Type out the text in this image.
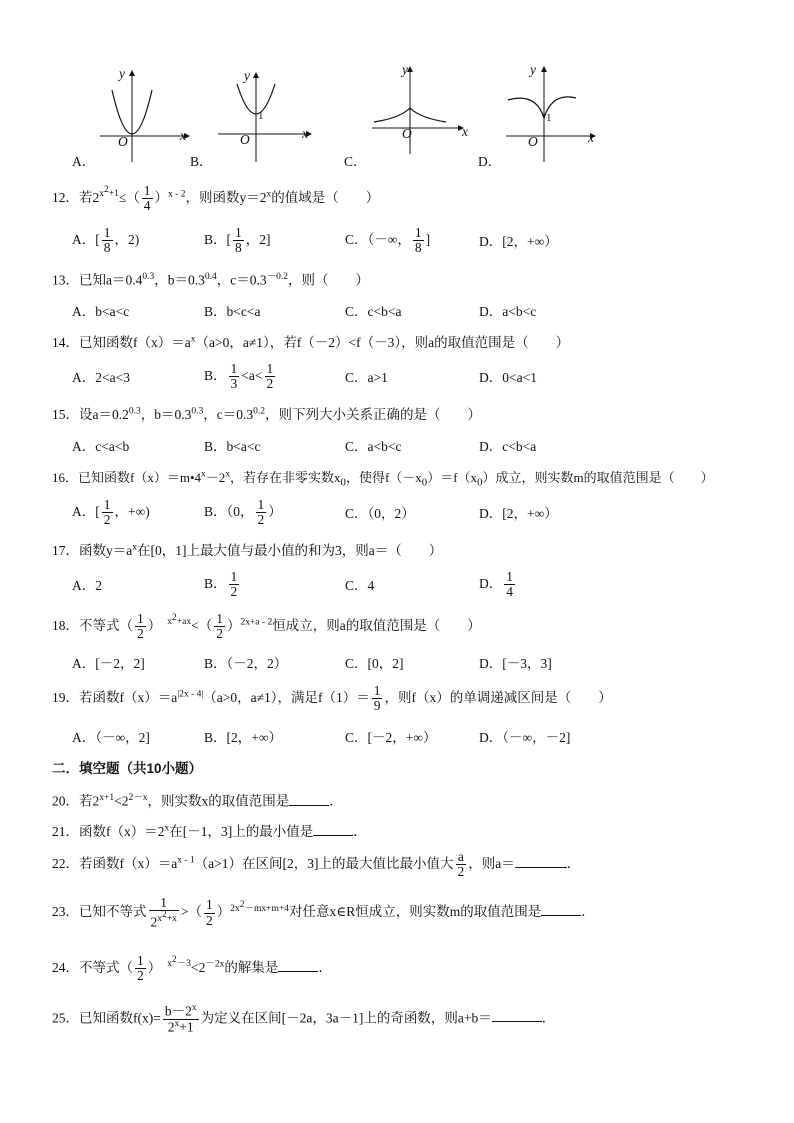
y
x
O
A．
y
x
O
1
B．
y
x
O
C．
y
x
O
1
D．
12．若$2^{x^2+1}\le( \frac{1}{4} )^{x - 2}$，则函数$y=2^x$的值域是（　　）
A．[ $\frac{1}{8}$ ，2)	B．[ $\frac{1}{8}$ ，2]	C．（－∞， $\frac{1}{8}$ ]	D．[2，+∞）
13．已知$a=0.4^{0.3}$，$b=0.3^{0.4}$，$c=0.3^{-0.2}$，则（　　）
A．b<a<c	B．b<c<a	C．c<b<a	D．a<b<c
14．已知函数$f(x)=a^x(a>0$，a≠1），若f（－2）<f（－3），则a的取值范围是（　　）
A．2<a<3	B． $\frac{1}{3} <a< \frac{1}{2}$	C．a>1	D．0<a<1
15．设$a=0.2^{0.3}$，$b=0.3^{0.3}$，$c=0.3^{0.2}$，则下列大小关系正确的是（　　）
A．c<a<b	B．b<a<c	C．a<b<c	D．c<b<a
16．已知函数$f(x)=m•4^x-2^x$，若存在非零实数$x_0$，使得$f(-x_0)=f(x_0)$成立，则实数m的取值范围是（　　）
A．[ $\frac{1}{2}$ ，+∞)	B．（0， $\frac{1}{2}$ ）	C．（0，2）	D．[2，+∞）
17．函数$y=a^x$在[0，1]上最大值与最小值的和为3，则a＝（　　）
A．2	B． $\frac{1}{2}$	C．4	D． $\frac{1}{4}$
18．不等式（ $\frac{1}{2}$ ） $^{x^2+ax}<( \frac{1}{2} )^{2x+a - 2}$恒成立，则a的取值范围是（　　）
A．[－2，2]	B．（－2，2）	C．[0，2]	D．[－3，3]
19．若函数$f(x)=a^{|2x - 4|}(a>0$，a≠1），满足$f(1)= \frac{1}{9}$ ，则f（x）的单调递减区间是（　　）
A．（－∞，2]	B．[2，+∞）	C．[－2，+∞）	D．（－∞，－2]
二．填空题（共10小题）
20．若$2^{x+1}<2^{2-x}$，则实数x的取值范围是	．
21．函数$f(x)=2^x$在[－1，3]上的最小值是	．
22．若函数$f(x)=a^{x - 1}(a>1)$在区间[2，3]上的最大值比最小值大 $\frac{a}{2}$ ，则a＝	．
23．已知不等式 $\frac{1}{2^{x^2+x}}$ >（ $\frac{1}{2} )^{2x^2-mx+m+4}$对任意x∈R恒成立，则实数m的取值范围是	．
24．不等式（ $\frac{1}{2}$ ） $^{x^2-3}<2^{-2x}$的解集是	．
25．已知函数$f(x)= \frac{b-2^x}{2^x+1}$ 为定义在区间[－2a，3a－1]上的奇函数，则a+b＝	．
